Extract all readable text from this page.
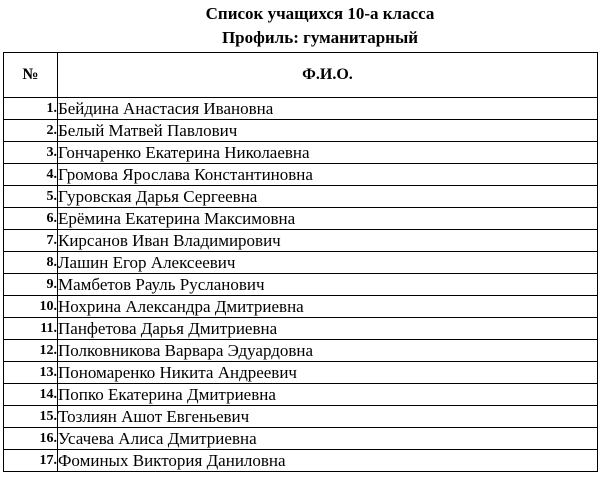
Список учащихся 10-а класса
Профиль: гуманитарный
№	Ф.И.О.
1.	Бейдина Анастасия Ивановна
2.	Белый Матвей Павлович
3.	Гончаренко Екатерина Николаевна
4.	Громова Ярослава Константиновна
5.	Гуровская Дарья Сергеевна
6.	Ерёмина Екатерина Максимовна
7.	Кирсанов Иван Владимирович
8.	Лашин Егор Алексеевич
9.	Мамбетов Рауль Русланович
10.	Нохрина Александра Дмитриевна
11.	Панфетова Дарья Дмитриевна
12.	Полковникова Варвара Эдуардовна
13.	Пономаренко Никита Андреевич
14.	Попко Екатерина Дмитриевна
15.	Тозлиян Ашот Евгеньевич
16.	Усачева Алиса Дмитриевна
17.	Фоминых Виктория Даниловна
